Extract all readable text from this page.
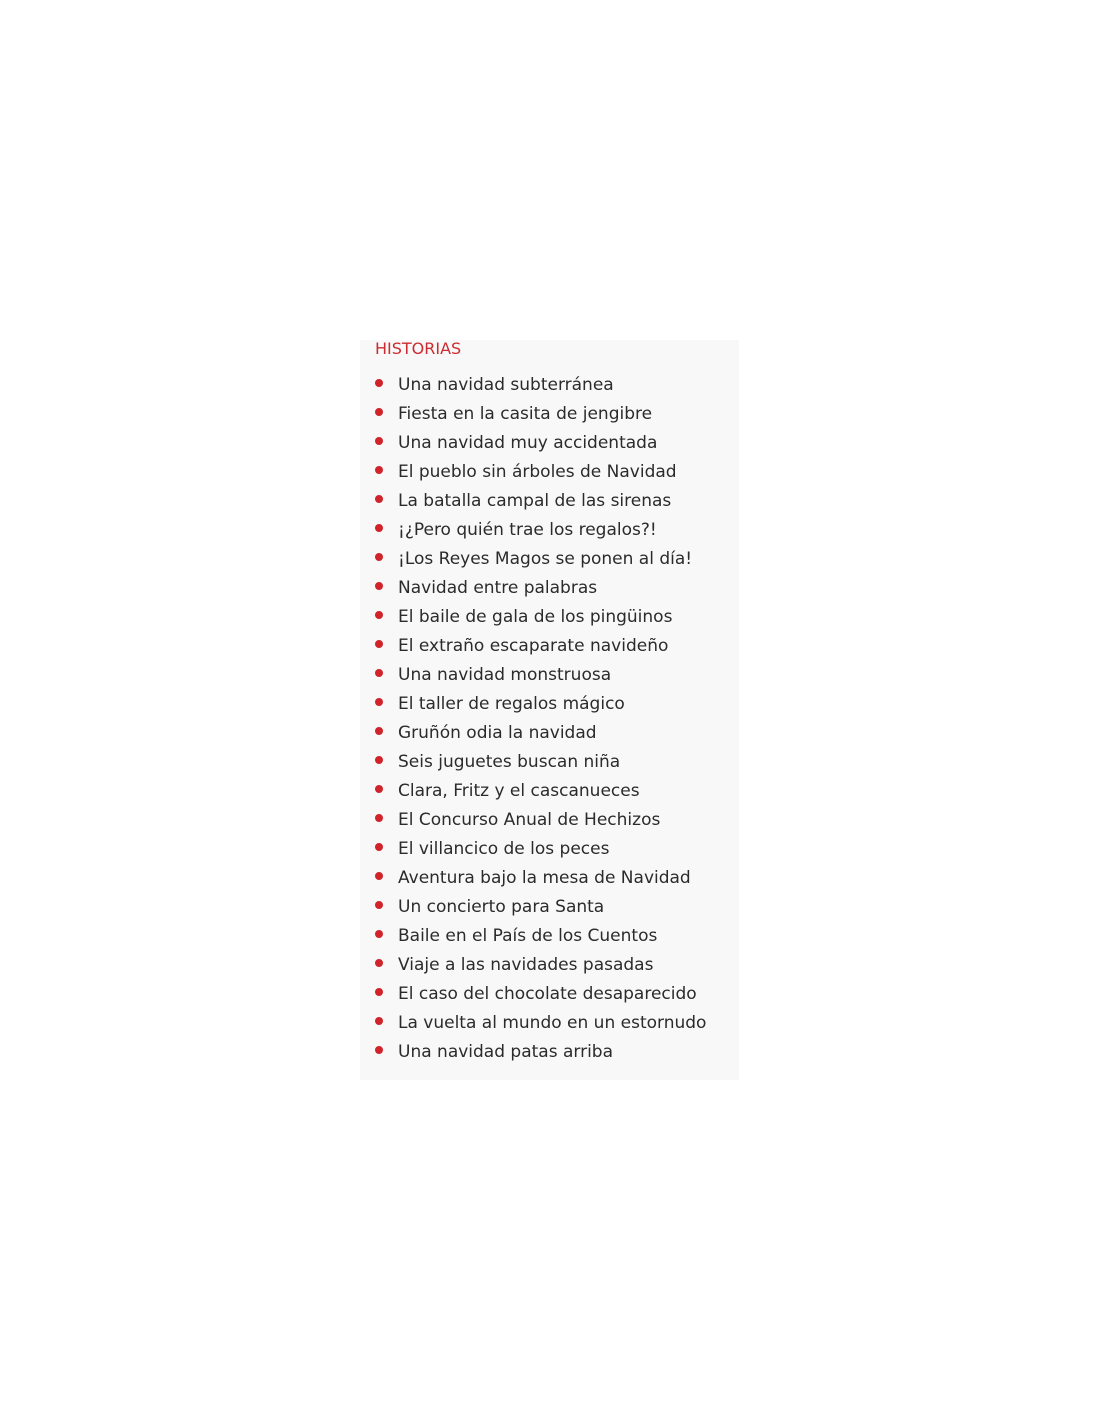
HISTORIAS
Una navidad subterránea
Fiesta en la casita de jengibre
Una navidad muy accidentada
El pueblo sin árboles de Navidad
La batalla campal de las sirenas
¡¿Pero quién trae los regalos?!
¡Los Reyes Magos se ponen al día!
Navidad entre palabras
El baile de gala de los pingüinos
El extraño escaparate navideño
Una navidad monstruosa
El taller de regalos mágico
Gruñón odia la navidad
Seis juguetes buscan niña
Clara, Fritz y el cascanueces
El Concurso Anual de Hechizos
El villancico de los peces
Aventura bajo la mesa de Navidad
Un concierto para Santa
Baile en el País de los Cuentos
Viaje a las navidades pasadas
El caso del chocolate desaparecido
La vuelta al mundo en un estornudo
Una navidad patas arriba
